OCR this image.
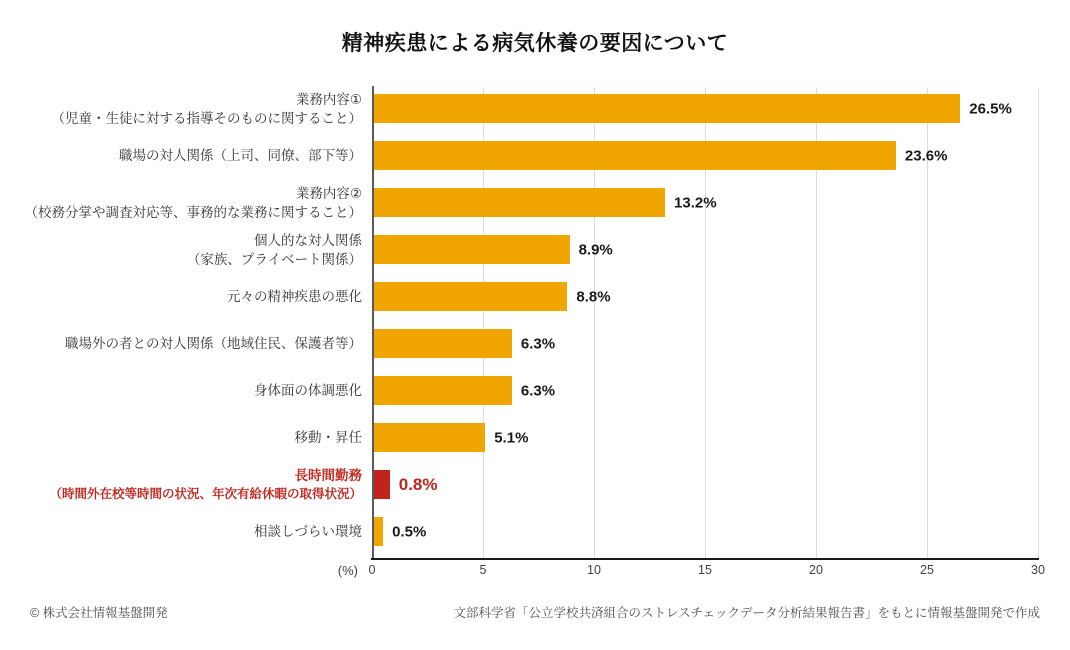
精神疾患による病気休養の要因について
業務内容①
（児童・生徒に対する指導そのものに関すること）
26.5%
職場の対人関係（上司、同僚、部下等）	23.6%
業務内容②
（校務分掌や調査対応等、事務的な業務に関すること）
13.2%
個人的な対人関係
（家族、プライベート関係）
8.9%
元々の精神疾患の悪化	8.8%
職場外の者との対人関係（地域住民、保護者等）	6.3%
身体面の体調悪化	6.3%
移動・昇任	5.1%
長時間勤務
（時間外在校等時間の状況、年次有給休暇の取得状況） 0.8%
相談しづらい環境 0.5%
0	5	10	15	20	25	30
(%)
© 株式会社情報基盤開発	文部科学省「公立学校共済組合のストレスチェックデータ分析結果報告書」をもとに情報基盤開発で作成
